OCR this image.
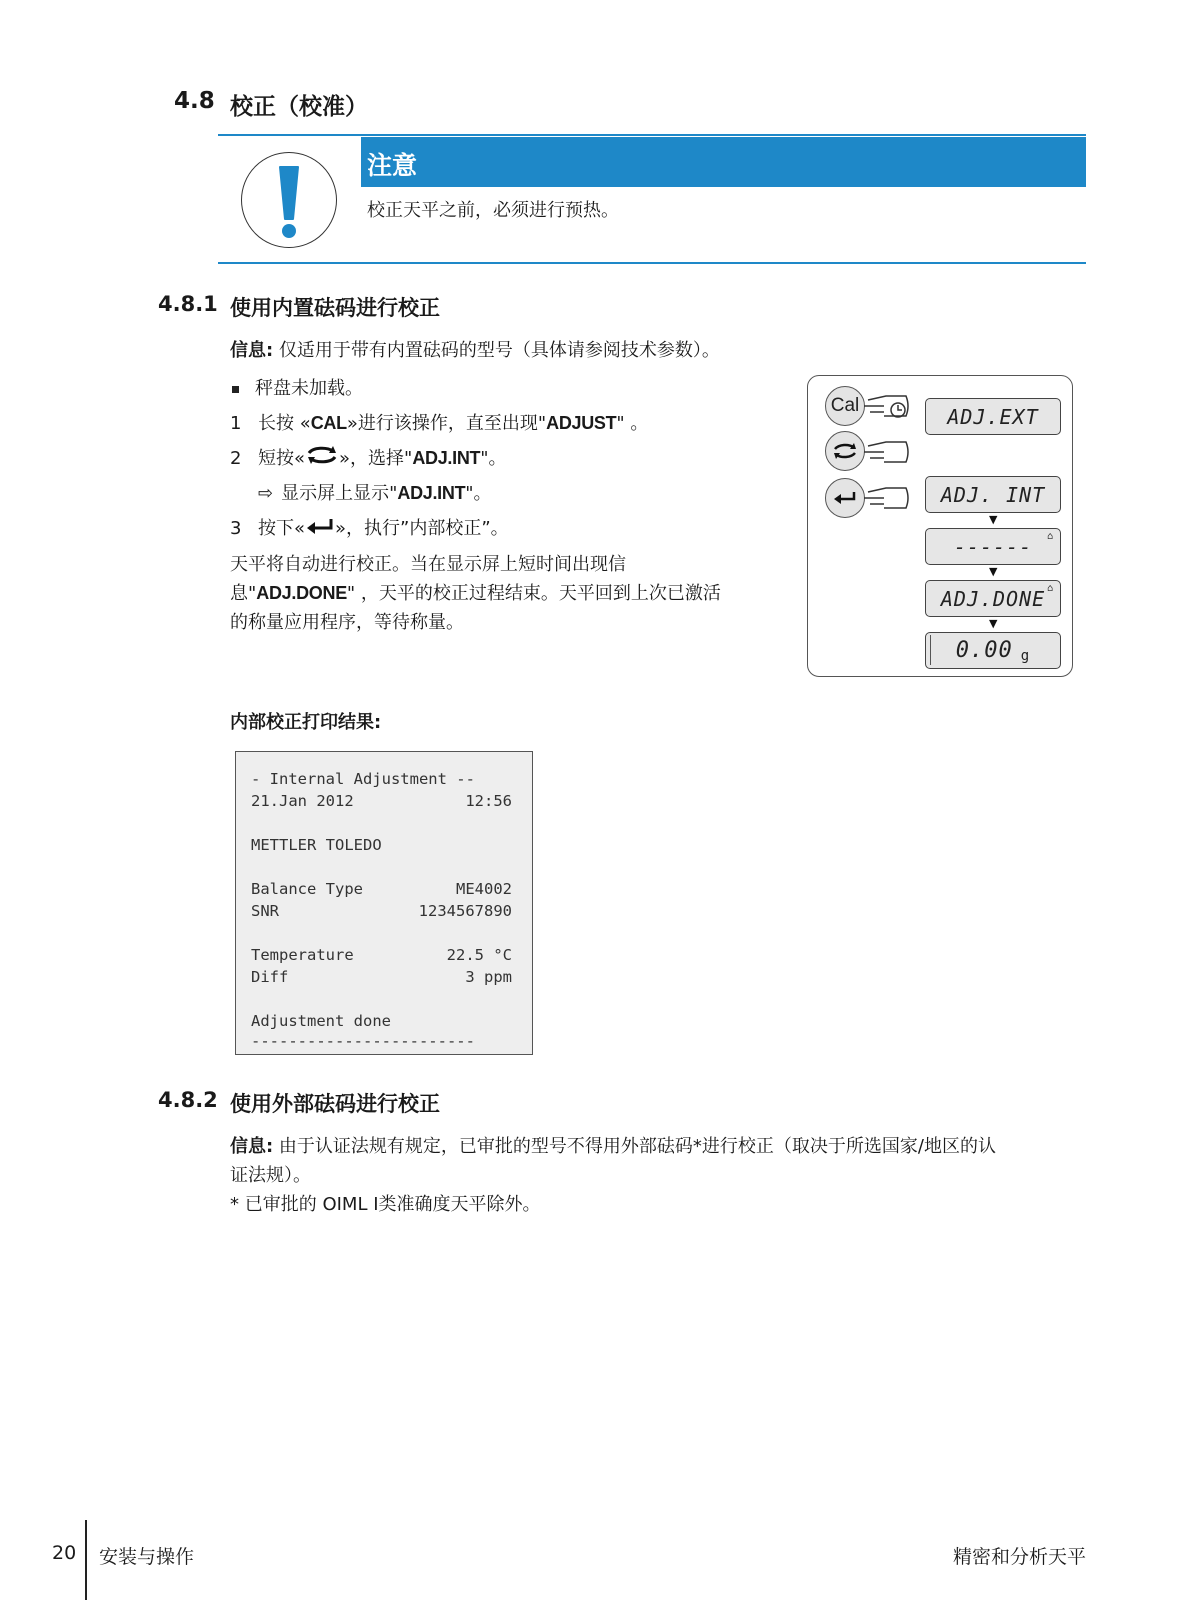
4.8 校正（校准）
注意
校正天平之前，必须进行预热。
4.8.1 使用内置砝码进行校正
信息: 仅适用于带有内置砝码的型号（具体请参阅技术参数）。
秤盘未加载。
1 长按 «CAL»进行该操作，直至出现"ADJUST" 。
2 短按« »，选择"ADJ.INT"。
⇨ 显示屏上显示"ADJ.INT"。
3 按下« »，执行”内部校正”。
天平将自动进行校正。当在显示屏上短时间出现信
息"ADJ.DONE" ，天平的校正过程结束。天平回到上次已激活
的称量应用程序，等待称量。
Cal	ADJ.EXT
ADJ. INT
▼
------ ⌂
▼
ADJ.DONE ⌂
▼
0.00 g
内部校正打印结果:
- Internal Adjustment --
21.Jan 2012	12:56
METTLER TOLEDO
Balance Type	ME4002
SNR	1234567890
Temperature	22.5 °C
Diff	3 ppm
Adjustment done
------------------------
4.8.2 使用外部砝码进行校正
信息: 由于认证法规有规定，已审批的型号不得用外部砝码*进行校正（取决于所选国家/地区的认
证法规）。
* 已审批的 OIML I类准确度天平除外。
20 安装与操作	精密和分析天平
